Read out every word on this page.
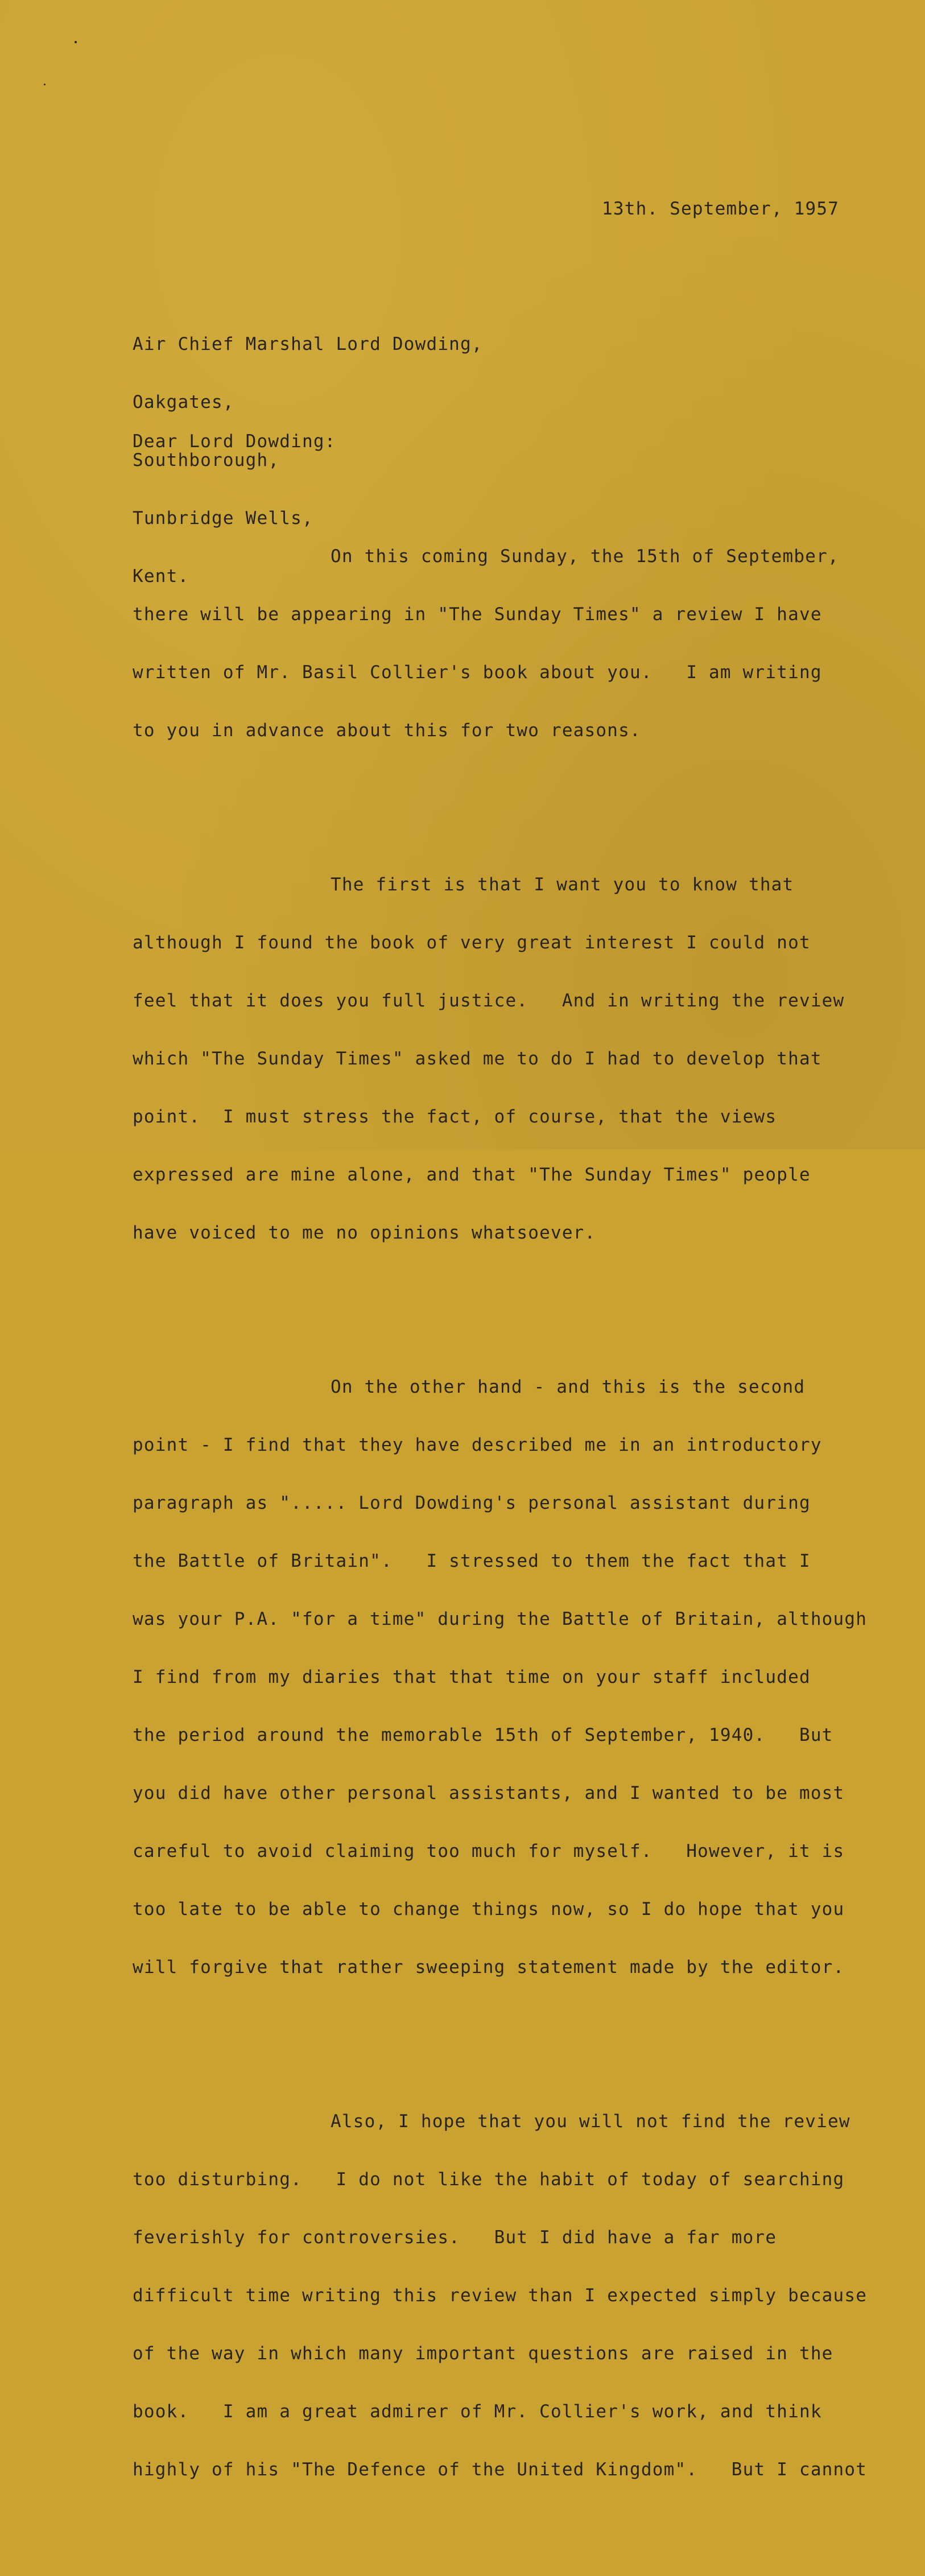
13th. September, 1957

Air Chief Marshal Lord Dowding,

Oakgates,

Southborough,

Tunbridge Wells,

Kent.

Dear Lord Dowding:

On this coming Sunday, the 15th of September,

there will be appearing in "The Sunday Times" a review I have

written of Mr. Basil Collier's book about you.   I am writing

to you in advance about this for two reasons.

The first is that I want you to know that

although I found the book of very great interest I could not

feel that it does you full justice.   And in writing the review

which "The Sunday Times" asked me to do I had to develop that

point.  I must stress the fact, of course, that the views

expressed are mine alone, and that "The Sunday Times" people

have voiced to me no opinions whatsoever.

On the other hand - and this is the second

point - I find that they have described me in an introductory

paragraph as "..... Lord Dowding's personal assistant during

the Battle of Britain".   I stressed to them the fact that I

was your P.A. "for a time" during the Battle of Britain, although

I find from my diaries that that time on your staff included

the period around the memorable 15th of September, 1940.   But

you did have other personal assistants, and I wanted to be most

careful to avoid claiming too much for myself.   However, it is

too late to be able to change things now, so I do hope that you

will forgive that rather sweeping statement made by the editor.

Also, I hope that you will not find the review

too disturbing.   I do not like the habit of today of searching

feverishly for controversies.   But I did have a far more

difficult time writing this review than I expected simply because

of the way in which many important questions are raised in the

book.   I am a great admirer of Mr. Collier's work, and think

highly of his "The Defence of the United Kingdom".   But I cannot
